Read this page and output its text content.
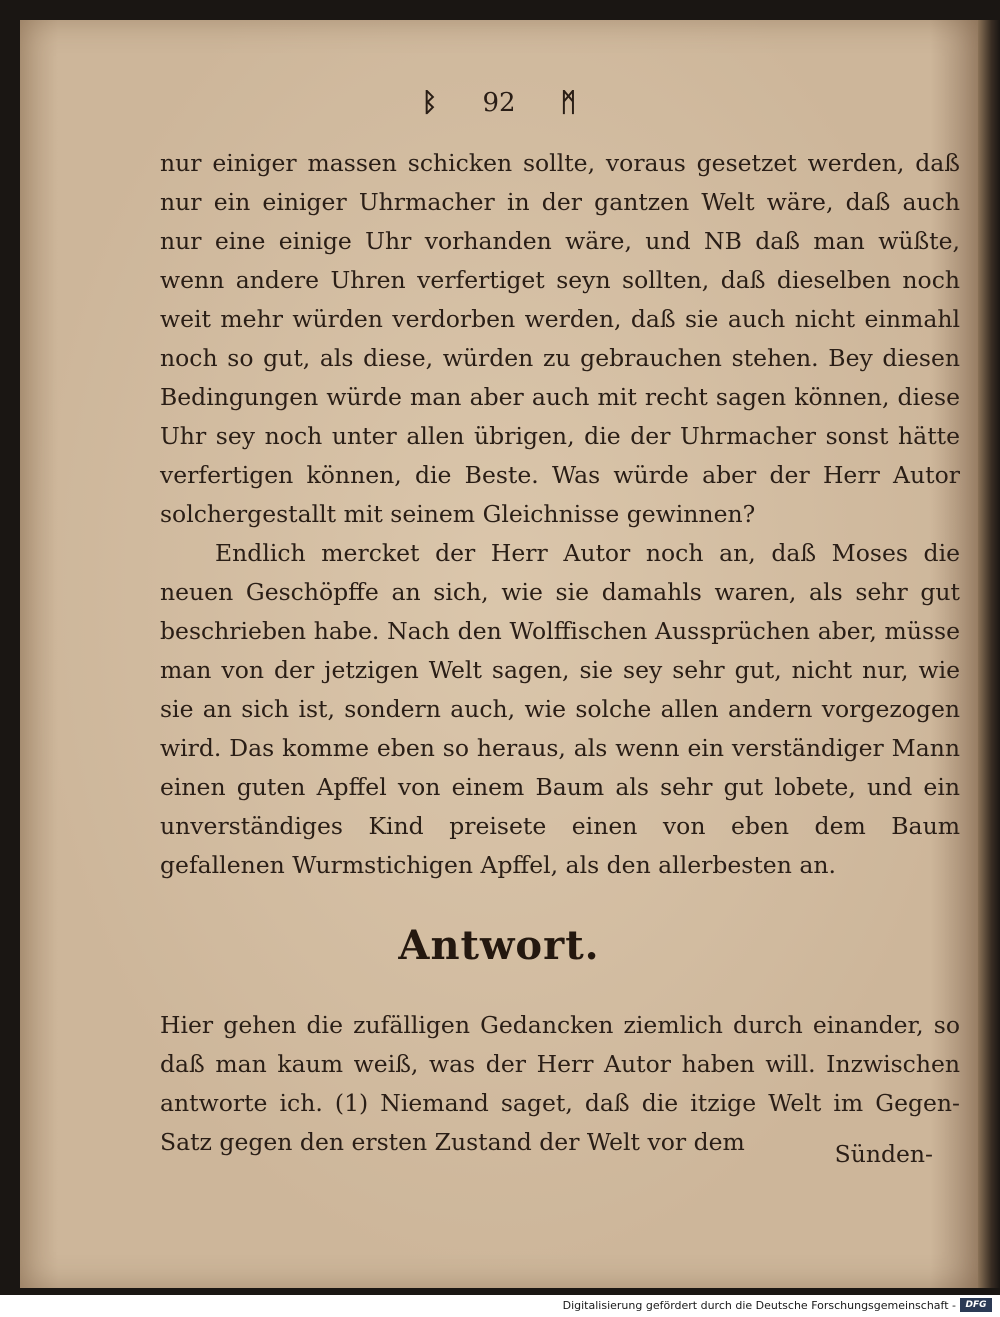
ᛒ 92 ᛗ

nur einiger massen schicken sollte, voraus gesetzet werden, daß nur ein einiger Uhrmacher in der gantzen Welt wäre, daß auch nur eine einige Uhr vorhanden wäre, und NB daß man wüßte, wenn andere Uhren verfertiget seyn sollten, daß dieselben noch weit mehr würden verdorben werden, daß sie auch nicht einmahl noch so gut, als diese, würden zu gebrauchen stehen. Bey diesen Bedingungen würde man aber auch mit recht sagen können, diese Uhr sey noch unter allen übrigen, die der Uhrmacher sonst hätte verfertigen können, die Beste. Was würde aber der Herr Autor solchergestallt mit seinem Gleichnisse gewinnen?

Endlich mercket der Herr Autor noch an, daß Moses die neuen Geschöpffe an sich, wie sie damahls waren, als sehr gut beschrieben habe. Nach den Wolffischen Aussprüchen aber, müsse man von der jetzigen Welt sagen, sie sey sehr gut, nicht nur, wie sie an sich ist, sondern auch, wie solche allen andern vorgezogen wird. Das komme eben so heraus, als wenn ein verständiger Mann einen guten Apffel von einem Baum als sehr gut lobete, und ein unverständiges Kind preisete einen von eben dem Baum gefallenen Wurmstichigen Apffel, als den allerbesten an.

Antwort.

Hier gehen die zufälligen Gedancken ziemlich durch einander, so daß man kaum weiß, was der Herr Autor haben will. Inzwischen antworte ich. (1) Niemand saget, daß die itzige Welt im Gegen-Satz gegen den ersten Zustand der Welt vor dem	Sünden-
Digitalisierung gefördert durch die Deutsche Forschungsgemeinschaft -	DFG
